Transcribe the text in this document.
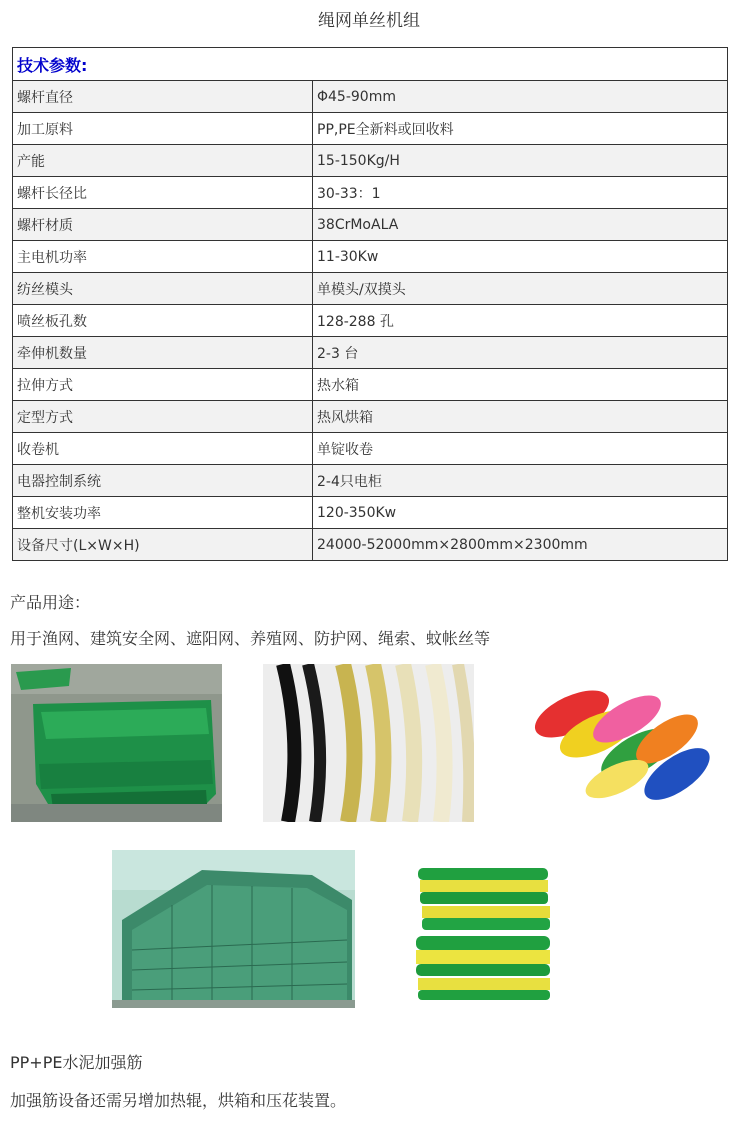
绳网单丝机组
技术参数:	
螺杆直径	Φ45-90mm
加工原料	PP,PE全新料或回收料
产能	15-150Kg/H
螺杆长径比	30-33：1
螺杆材质	38CrMoALA
主电机功率	11-30Kw
纺丝模头	单模头/双摸头
喷丝板孔数	128-288 孔
牵伸机数量	2-3 台
拉伸方式	热水箱
定型方式	热风烘箱
收卷机	单锭收卷
电器控制系统	2-4只电柜
整机安装功率	120-350Kw
设备尺寸(L×W×H)	24000-52000mm×2800mm×2300mm
产品用途：
用于渔网、建筑安全网、遮阳网、养殖网、防护网、绳索、蚊帐丝等
PP+PE水泥加强筋
加强筋设备还需另增加热辊，烘箱和压花装置。
